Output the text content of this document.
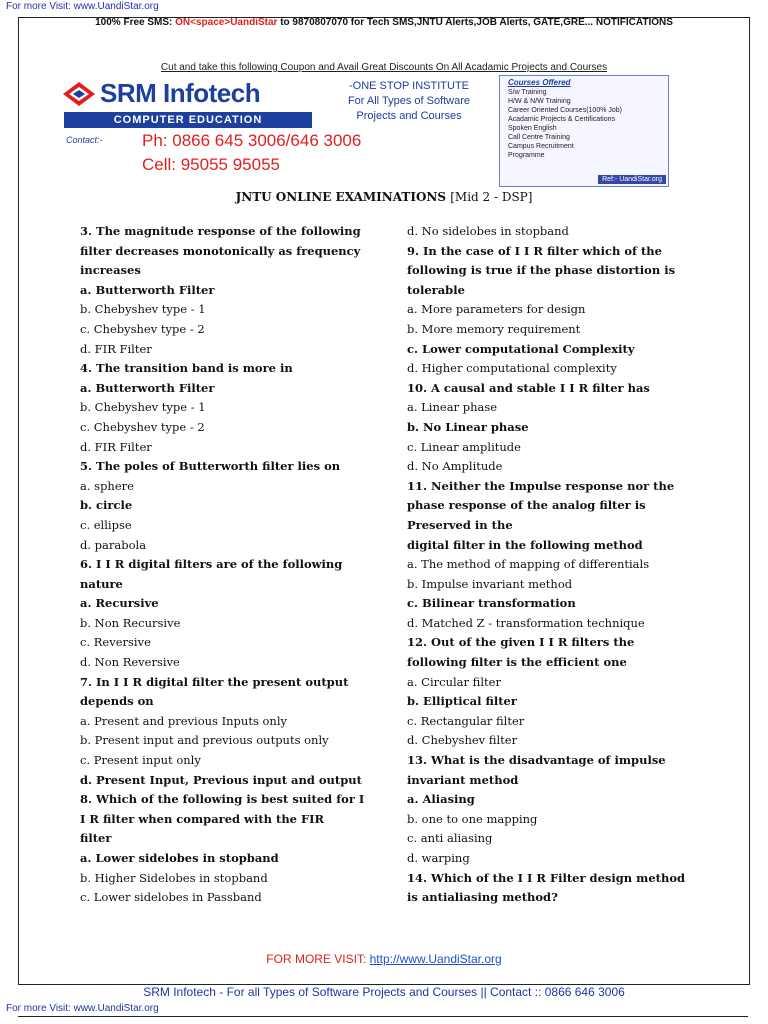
For more Visit: www.UandiStar.org
100% Free SMS: ON<space>UandiStar to 9870807070 for Tech SMS,JNTU Alerts,JOB Alerts, GATE,GRE... NOTIFICATIONS
Cut and take this following Coupon and Avail Great Discounts On All Acadamic Projects and Courses
SRM Infotech
COMPUTER EDUCATION
Contact:- Ph: 0866 645 3006/646 3006
Cell: 95055 95055
-ONE STOP INSTITUTE
For All Types of Software
Projects and Courses
Courses Offered
S/w Training
H/W & N/W Training
Career Oriented Courses(100% Job)
Acadamic Projects & Certifications
Spoken English
Call Centre Training
Campus Recruitment
Programme
Ref:- UandiStar.org
JNTU ONLINE EXAMINATIONS [Mid 2 - DSP]
3. The magnitude response of the following
filter decreases monotonically as frequency
increases
a. Butterworth Filter
b. Chebyshev type - 1
c. Chebyshev type - 2
d. FIR Filter
4. The transition band is more in
a. Butterworth Filter
b. Chebyshev type - 1
c. Chebyshev type - 2
d. FIR Filter
5. The poles of Butterworth filter lies on
a. sphere
b. circle
c. ellipse
d. parabola
6. I I R digital filters are of the following
nature
a. Recursive
b. Non Recursive
c. Reversive
d. Non Reversive
7. In I I R digital filter the present output
depends on
a. Present and previous Inputs only
b. Present input and previous outputs only
c. Present input only
d. Present Input, Previous input and output
8. Which of the following is best suited for I
I R filter when compared with the FIR
filter
a. Lower sidelobes in stopband
b. Higher Sidelobes in stopband
c. Lower sidelobes in Passband
d. No sidelobes in stopband
9. In the case of I I R filter which of the
following is true if the phase distortion is
tolerable
a. More parameters for design
b. More memory requirement
c. Lower computational Complexity
d. Higher computational complexity
10. A causal and stable I I R filter has
a. Linear phase
b. No Linear phase
c. Linear amplitude
d. No Amplitude
11. Neither the Impulse response nor the
phase response of the analog filter is
Preserved in the
digital filter in the following method
a. The method of mapping of differentials
b. Impulse invariant method
c. Bilinear transformation
d. Matched Z - transformation technique
12. Out of the given I I R filters the
following filter is the efficient one
a. Circular filter
b. Elliptical filter
c. Rectangular filter
d. Chebyshev filter
13. What is the disadvantage of impulse
invariant method
a. Aliasing
b. one to one mapping
c. anti aliasing
d. warping
14. Which of the I I R Filter design method
is antialiasing method?
FOR MORE VISIT: http://www.UandiStar.org
SRM Infotech - For all Types of Software Projects and Courses || Contact :: 0866 646 3006
For more Visit: www.UandiStar.org
